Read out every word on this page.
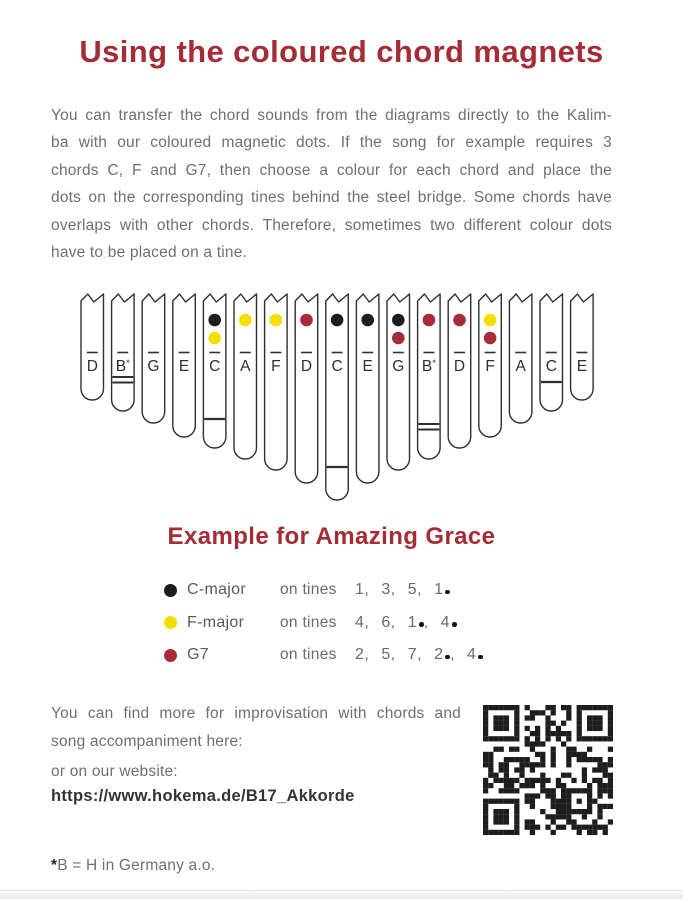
Using the coloured chord magnets
You can transfer the chord sounds from the diagrams directly to the Kalim-
ba with our coloured magnetic dots. If the song for example requires 3
chords C, F and G7, then choose a colour for each chord and place the
dots on the corresponding tines behind the steel bridge. Some chords have
overlaps with other chords. Therefore, sometimes two different colour dots
have to be placed on a tine.
D B* G E C A F D C E G B* D F A C E
Example for Amazing Grace
C-major	on tines	1, 3, 5, 1
F-major	on tines	4, 6, 1 , 4
G7	on tines	2, 5, 7, 2 , 4
You can find more for improvisation with chords and
song accompaniment here:
or on our website:
https://www.hokema.de/B17_Akkorde
*B = H in Germany a.o.
